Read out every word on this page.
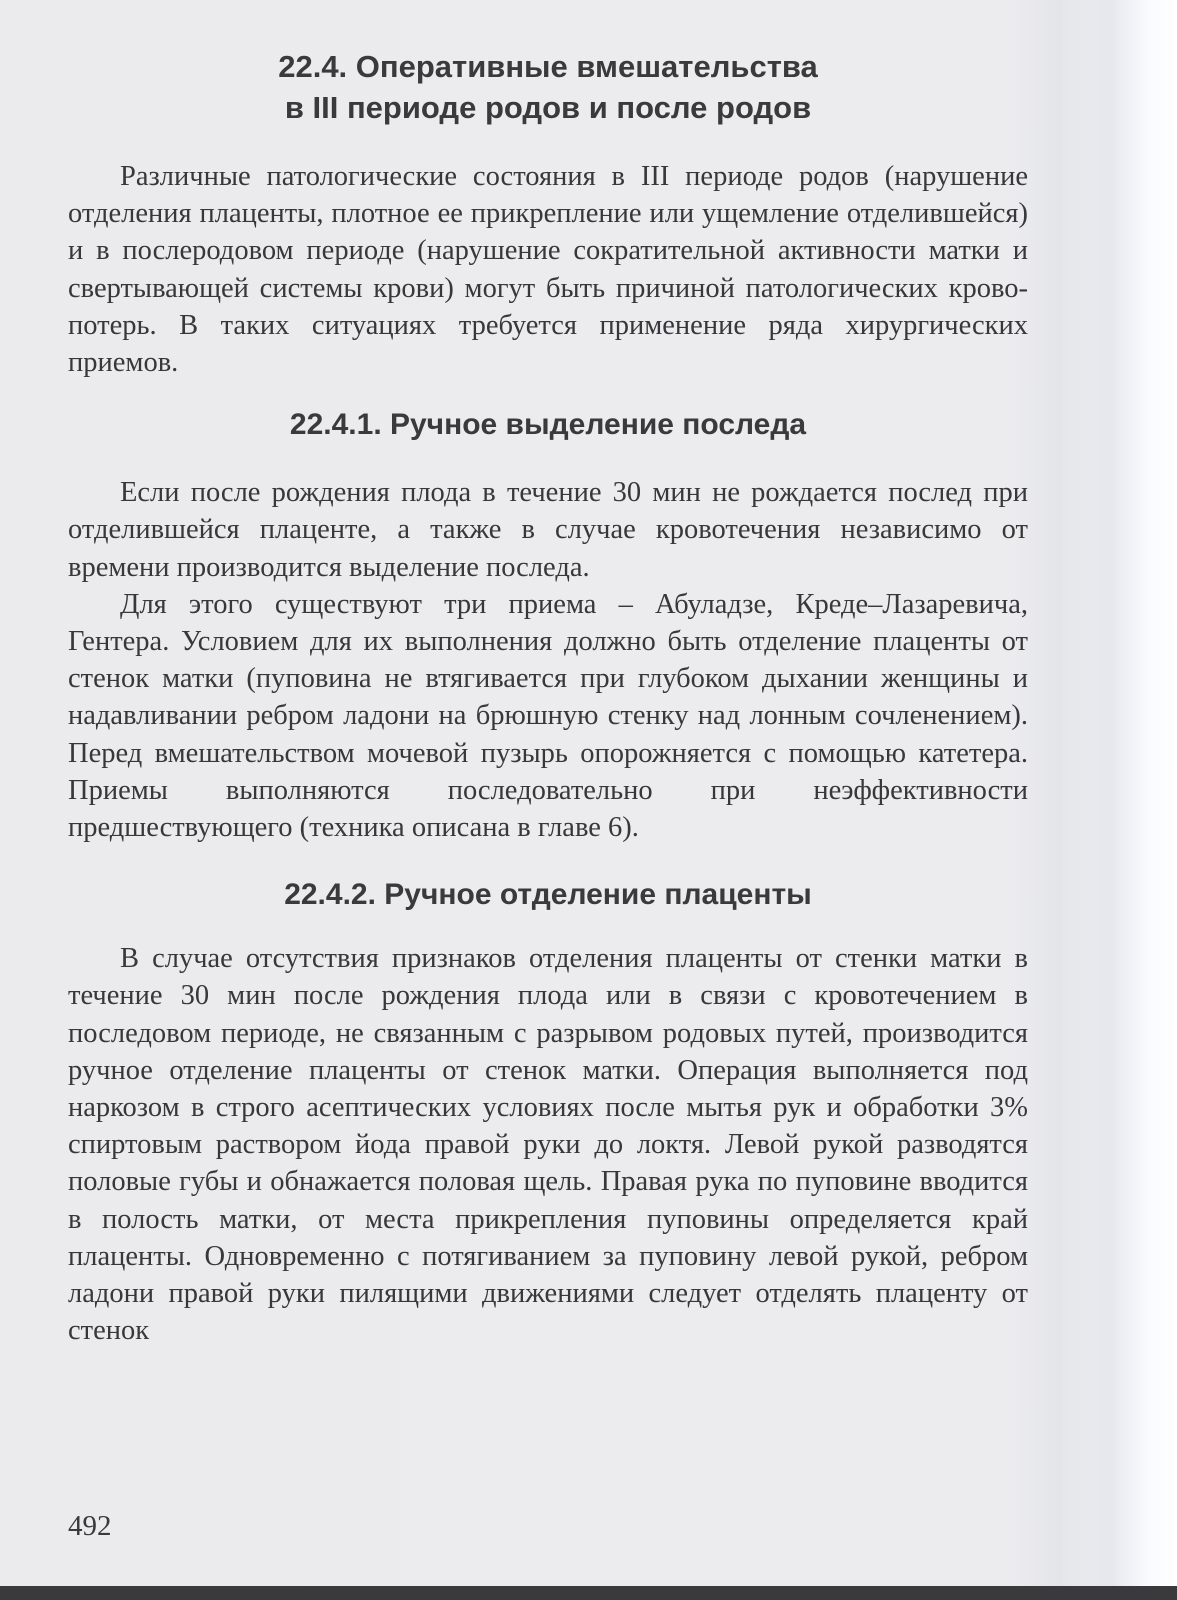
22.4. Оперативные вмешательства
в III периоде родов и после родов

Различные патологические состояния в III периоде родов (нарушение отделения плаценты, плотное ее прикрепление или ущемление отделившейся) и в послеродовом периоде (нарушение сократительной активности матки и свертывающей системы крови) могут быть причиной патологических кровопотерь. В таких ситуациях требуется применение ряда хирургических приемов.

22.4.1. Ручное выделение последа

Если после рождения плода в течение 30 мин не рождается послед при отделившейся плаценте, а также в случае кровотечения независимо от времени производится выделение последа.

Для этого существуют три приема – Абуладзе, Креде–Лазаревича, Гентера. Условием для их выполнения должно быть отделение плаценты от стенок матки (пуповина не втягивается при глубоком дыхании женщины и надавливании ребром ладони на брюшную стенку над лонным сочленением). Перед вмешательством мочевой пузырь опорожняется с помощью катетера. Приемы выполняются последовательно при неэффективности предшествующего (техника описана в главе 6).

22.4.2. Ручное отделение плаценты

В случае отсутствия признаков отделения плаценты от стенки матки в течение 30 мин после рождения плода или в связи с кровотечением в последовом периоде, не связанным с разрывом родовых путей, производится ручное отделение плаценты от стенок матки. Операция выполняется под наркозом в строго асептических условиях после мытья рук и обработки 3% спиртовым раствором йода правой руки до локтя. Левой рукой разводятся половые губы и обнажается половая щель. Правая рука по пуповине вводится в полость матки, от места прикрепления пуповины определяется край плаценты. Одновременно с потягиванием за пуповину левой рукой, ребром ладони правой руки пилящими движениями следует отделять плаценту от стенок

492
